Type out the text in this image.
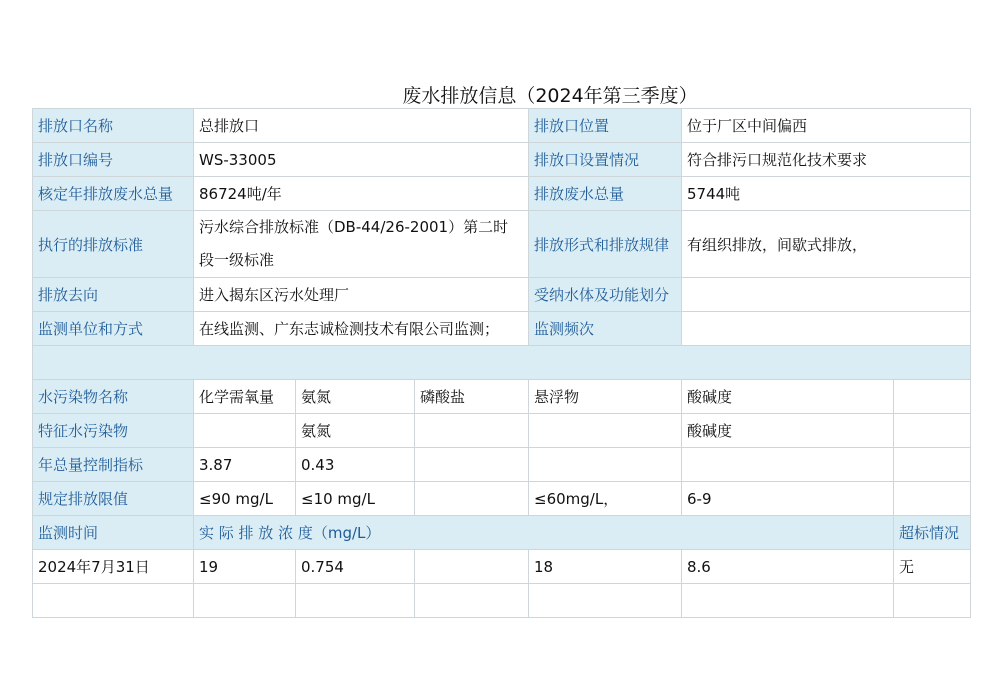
废水排放信息（2024年第三季度）
排放口名称	总排放口			排放口位置	位于厂区中间偏西	
排放口编号	WS-33005			排放口设置情况	符合排污口规范化技术要求	
核定年排放废水总量	86724吨/年			排放废水总量	5744吨	
执行的排放标准	污水综合排放标准（DB-44/26-2001）第二时段一级标准			排放形式和排放规律	有组织排放，间歇式排放，	
排放去向	进入揭东区污水处理厂			受纳水体及功能划分		
监测单位和方式	在线监测、广东志诚检测技术有限公司监测；			监测频次		

水污染物名称	化学需氧量	氨氮	磷酸盐	悬浮物	酸碱度	
特征水污染物		氨氮			酸碱度	
年总量控制指标	3.87	0.43				
规定排放限值	≤90 mg/L	≤10 mg/L		≤60mg/L，	6-9	
监测时间	实 际 排 放 浓 度（mg/L）					超标情况
2024年7月31日	19	0.754		18	8.6	无
